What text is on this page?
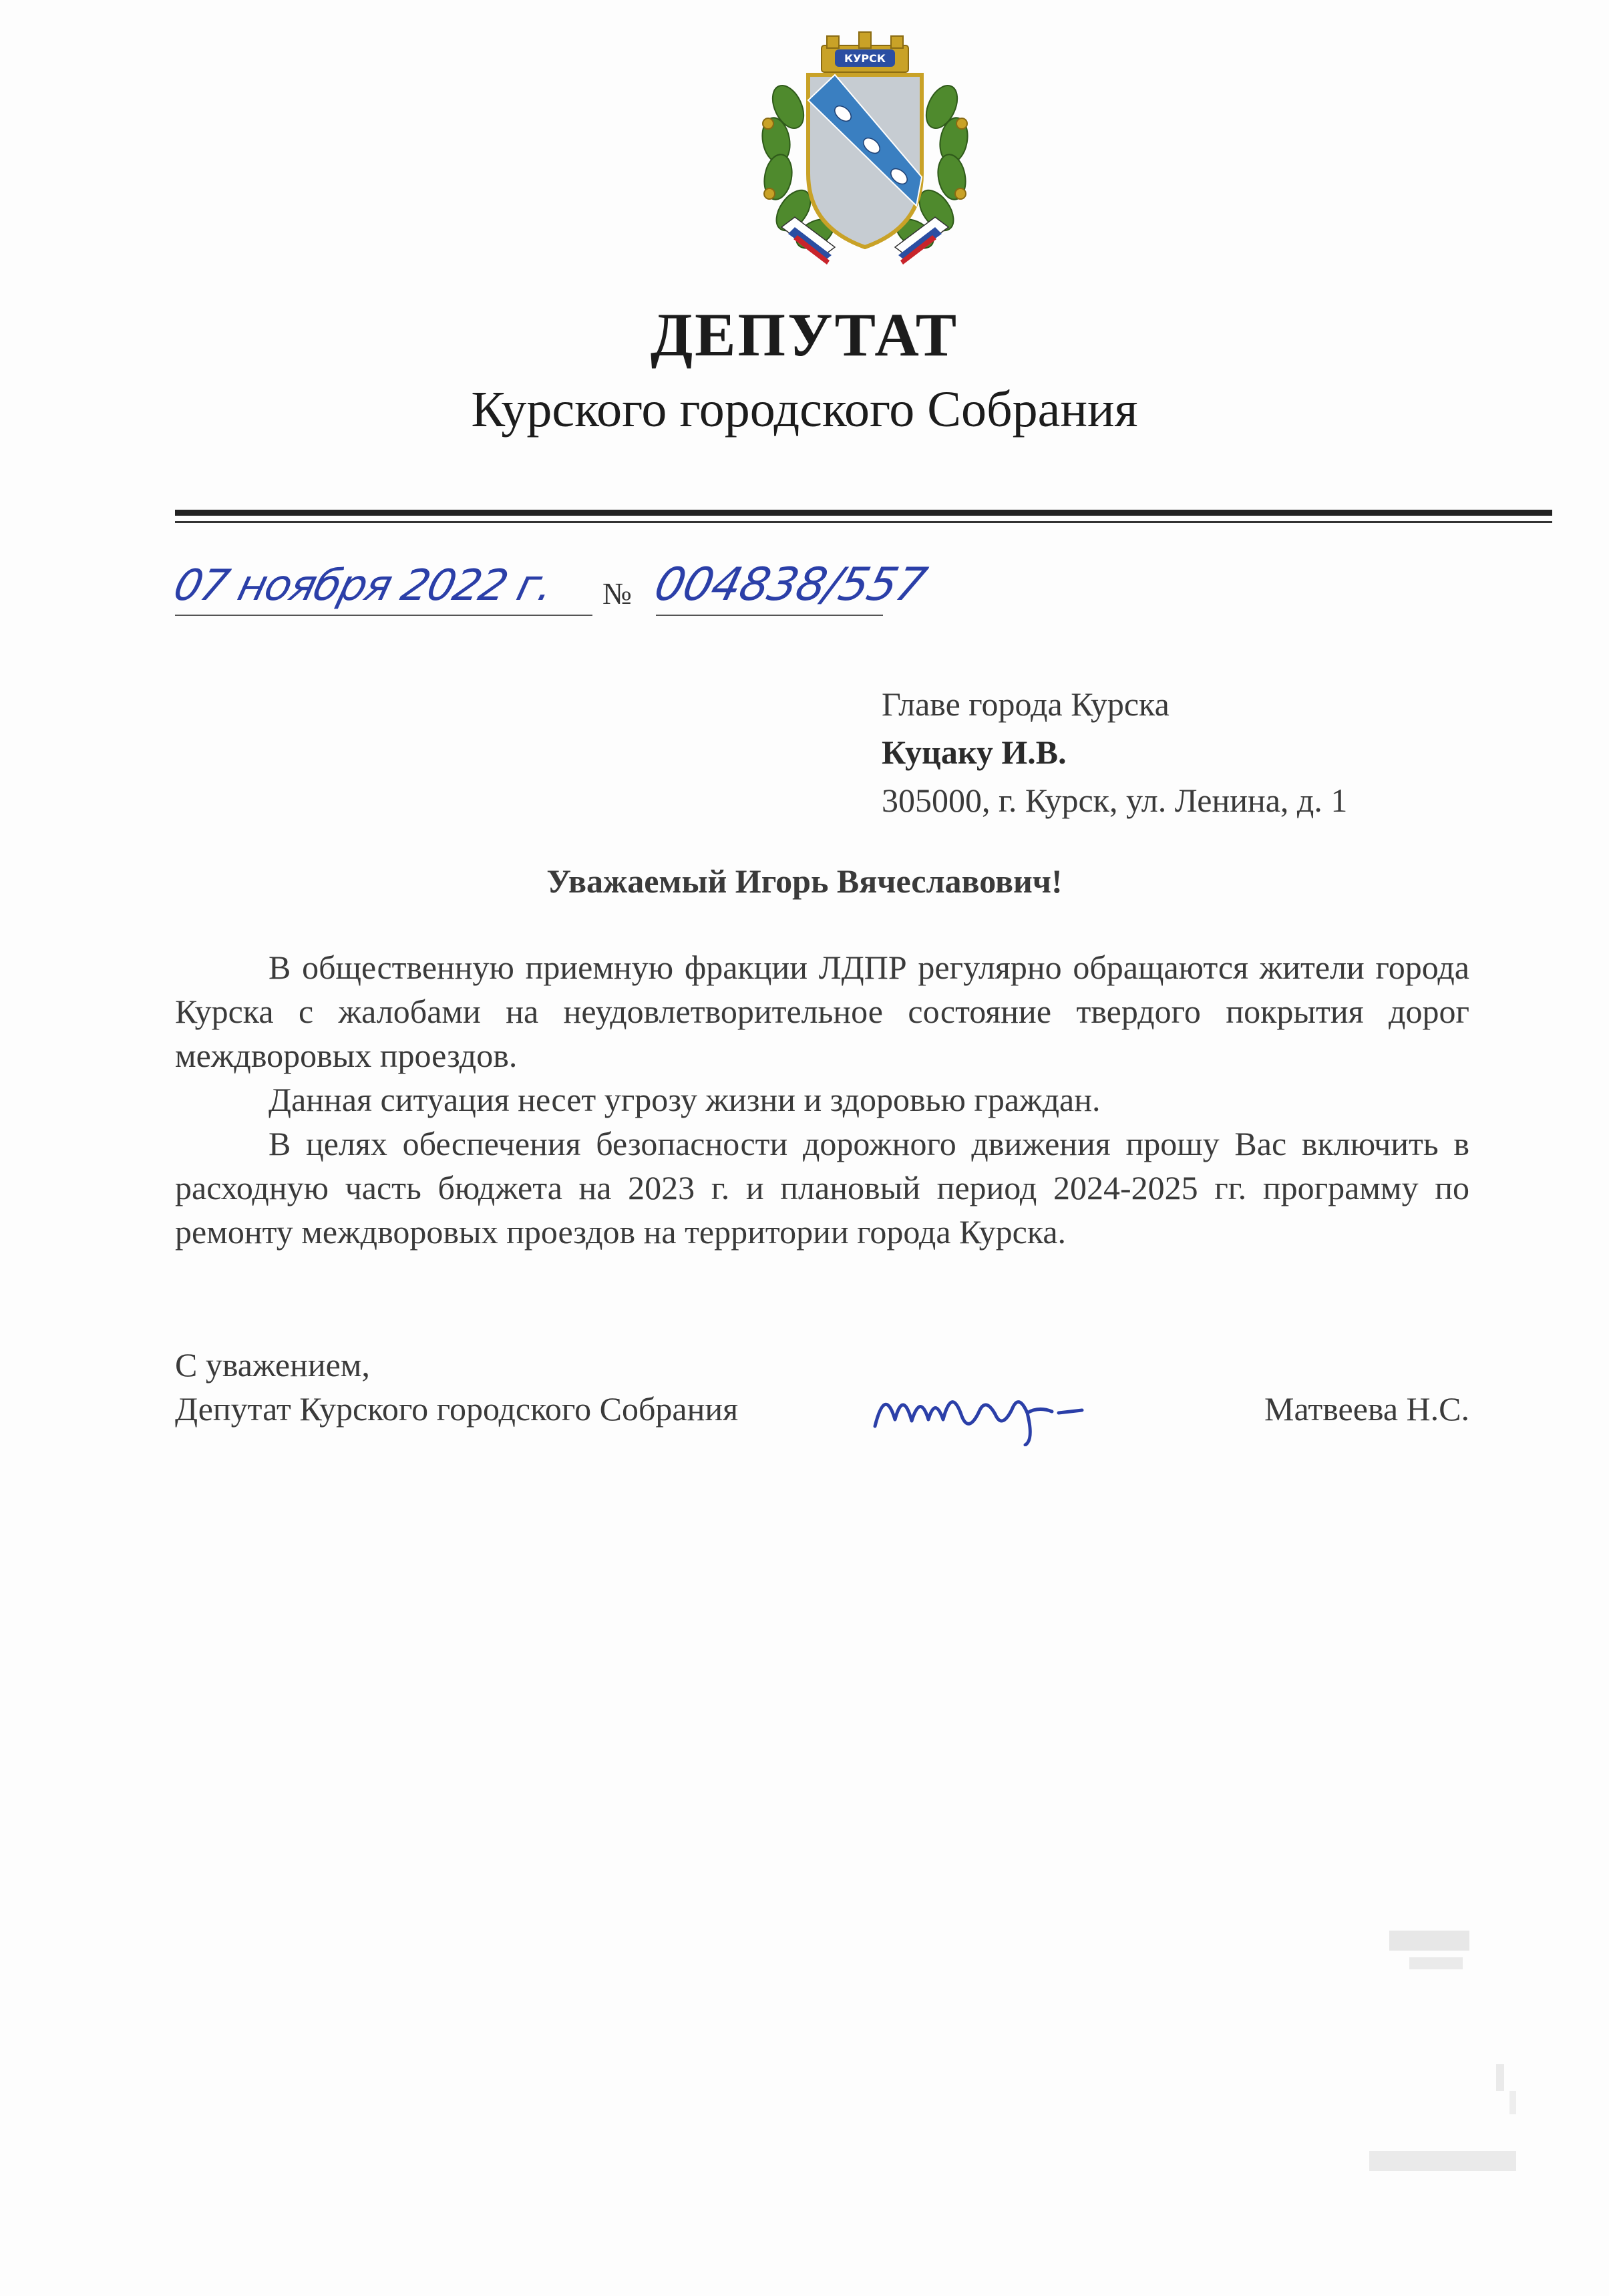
КУРСК
ДЕПУТАТ
Курского городского Собрания
07 ноября 2022 г.	№ 004838/557
Главе города Курска
Куцаку И.В.
305000, г. Курск, ул. Ленина, д. 1
Уважаемый Игорь Вячеславович!

В общественную приемную фракции ЛДПР регулярно обращаются жители города Курска с жалобами на неудовлетворительное состояние твердого покрытия дорог междворовых проездов.

Данная ситуация несет угрозу жизни и здоровью граждан.

В целях обеспечения безопасности дорожного движения прошу Вас включить в расходную часть бюджета на 2023 г. и плановый период 2024-2025 гг. программу по ремонту междворовых проездов на территории города Курска.

С уважением,
Депутат Курского городского Собрания	Матвеева Н.С.
